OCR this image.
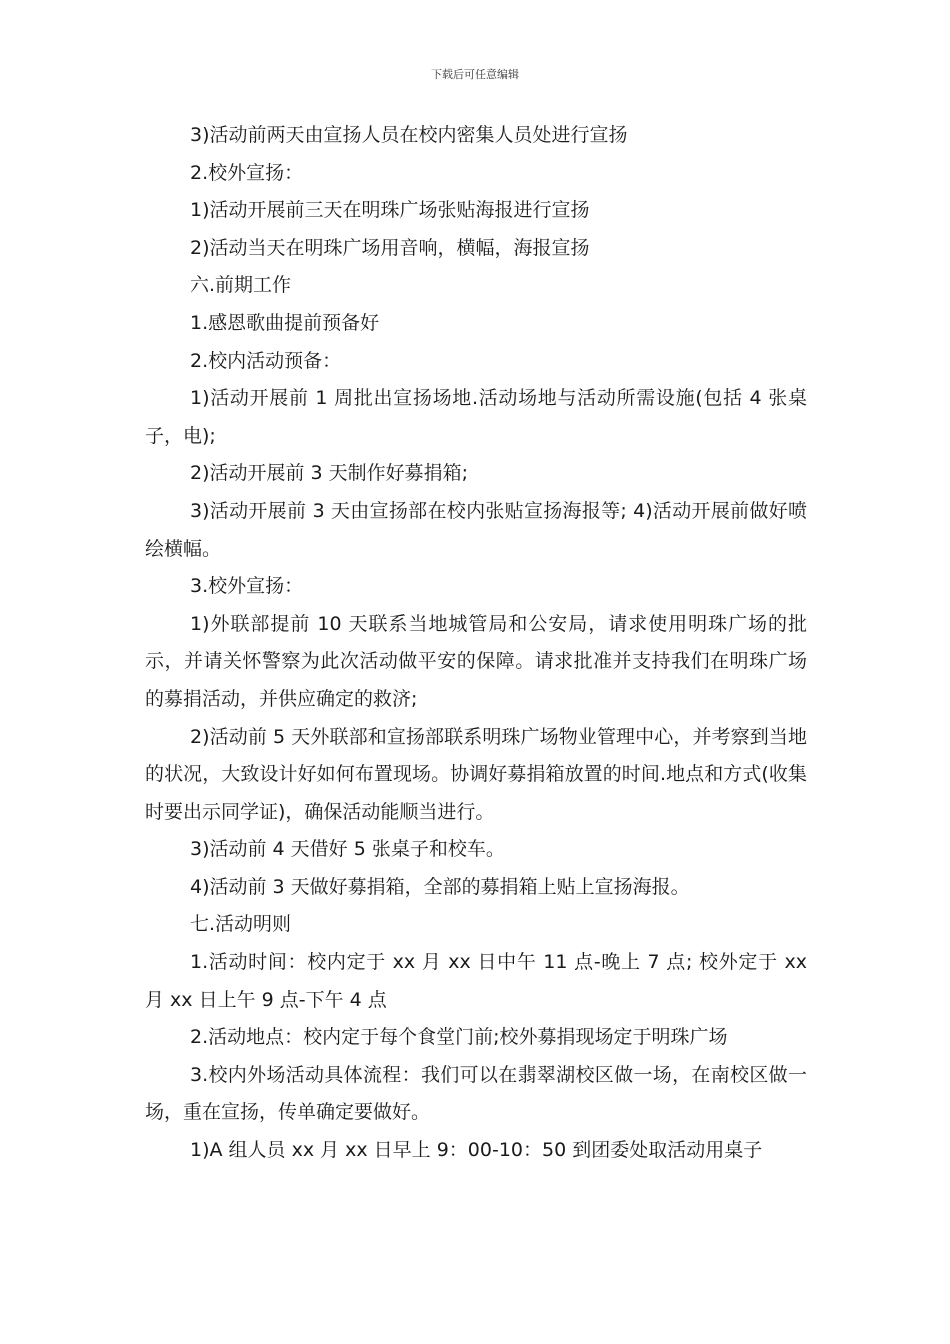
下载后可任意编辑

3)活动前两天由宣扬人员在校内密集人员处进行宣扬

2.校外宣扬：

1)活动开展前三天在明珠广场张贴海报进行宣扬

2)活动当天在明珠广场用音响，横幅，海报宣扬

六.前期工作

1.感恩歌曲提前预备好

2.校内活动预备：

1)活动开展前 1 周批出宣扬场地.活动场地与活动所需设施(包括 4 张桌子，电);

2)活动开展前 3 天制作好募捐箱;

3)活动开展前 3 天由宣扬部在校内张贴宣扬海报等; 4)活动开展前做好喷绘横幅。

3.校外宣扬：

1)外联部提前 10 天联系当地城管局和公安局，请求使用明珠广场的批示，并请关怀警察为此次活动做平安的保障。请求批准并支持我们在明珠广场的募捐活动，并供应确定的救济;

2)活动前 5 天外联部和宣扬部联系明珠广场物业管理中心，并考察到当地的状况，大致设计好如何布置现场。协调好募捐箱放置的时间.地点和方式(收集时要出示同学证)，确保活动能顺当进行。

3)活动前 4 天借好 5 张桌子和校车。

4)活动前 3 天做好募捐箱，全部的募捐箱上贴上宣扬海报。

七.活动明则

1.活动时间：校内定于 xx 月 xx 日中午 11 点-晚上 7 点; 校外定于 xx 月 xx 日上午 9 点-下午 4 点

2.活动地点：校内定于每个食堂门前;校外募捐现场定于明珠广场

3.校内外场活动具体流程：我们可以在翡翠湖校区做一场，在南校区做一场，重在宣扬，传单确定要做好。

1)A 组人员 xx 月 xx 日早上 9：00-10：50 到团委处取活动用桌子
